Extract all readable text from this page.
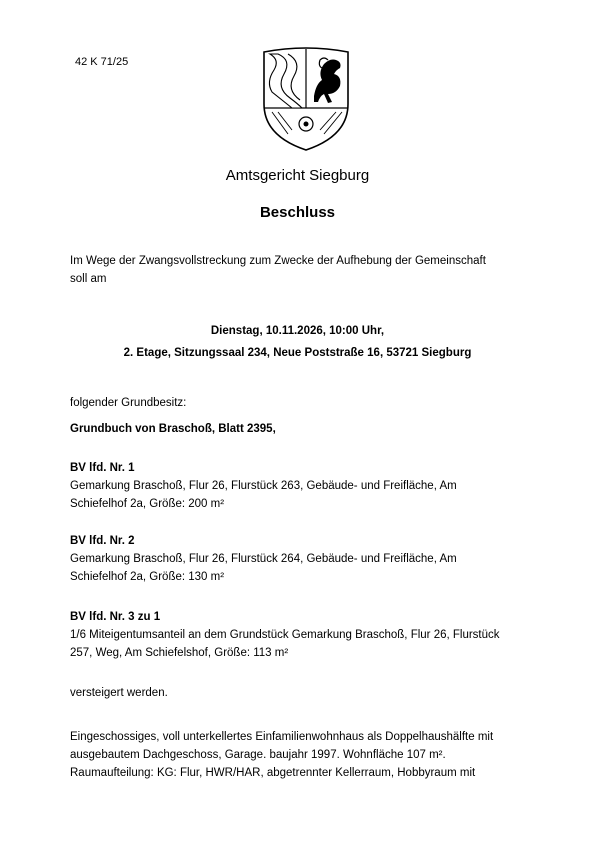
42 K 71/25
Amtsgericht Siegburg
Beschluss
Im Wege der Zwangsvollstreckung zum Zwecke der Aufhebung der Gemeinschaft
soll am
Dienstag, 10.11.2026, 10:00 Uhr,
2. Etage, Sitzungssaal 234, Neue Poststraße 16, 53721 Siegburg
folgender Grundbesitz:
Grundbuch von Braschoß, Blatt 2395,
BV lfd. Nr. 1
Gemarkung Braschoß, Flur 26, Flurstück 263, Gebäude- und Freifläche, Am
Schiefelhof 2a, Größe: 200 m²
BV lfd. Nr. 2
Gemarkung Braschoß, Flur 26, Flurstück 264, Gebäude- und Freifläche, Am
Schiefelhof 2a, Größe: 130 m²
BV lfd. Nr. 3 zu 1
1/6 Miteigentumsanteil an dem Grundstück Gemarkung Braschoß, Flur 26, Flurstück
257, Weg, Am Schiefelshof, Größe: 113 m²
versteigert werden.
Eingeschossiges, voll unterkellertes Einfamilienwohnhaus als Doppelhaushälfte mit
ausgebautem Dachgeschoss, Garage. baujahr 1997. Wohnfläche 107 m².
Raumaufteilung: KG: Flur, HWR/HAR, abgetrennter Kellerraum, Hobbyraum mit
